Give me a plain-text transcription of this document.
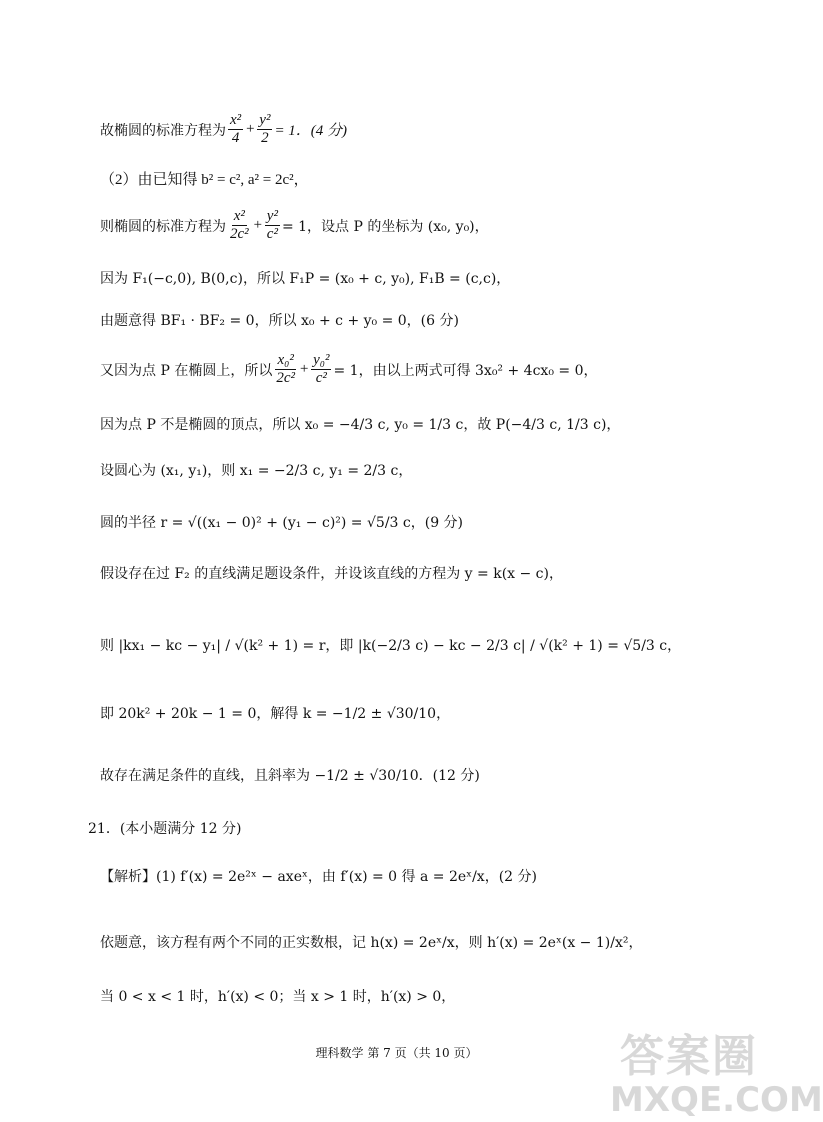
故椭圆的标准方程为 $\frac{\text{x²}}{4} + \frac{\text{y²}}{2} = 1$．(4 分)
（2）由已知得 b² = c², a² = 2c²，
则椭圆的标准方程为 $\frac{\text{x²}}{\text{2c²}} + \frac{\text{y²}}{\text{c²}} = 1$，设点 P 的坐标为 (x₀, y₀)，
因为 F₁(−c,0), B(0,c)，所以 F₁P = (x₀ + c, y₀), F₁B = (c,c)，
由题意得 BF₁ · BF₂ = 0，所以 x₀ + c + y₀ = 0，(6 分)
又因为点 P 在椭圆上，所以 $\frac{\text{x₀²}}{\text{2c²}} + \frac{\text{y₀²}}{\text{c²}} = 1$，由以上两式可得 3x₀² + 4cx₀ = 0，
因为点 P 不是椭圆的顶点，所以 x₀ = −4/3 c, y₀ = 1/3 c，故 P(−4/3 c, 1/3 c)，
设圆心为 (x₁, y₁)，则 x₁ = −2/3 c, y₁ = 2/3 c，
圆的半径 r = √((x₁ − 0)² + (y₁ − c)²) = √5/3 c，(9 分)
假设存在过 F₂ 的直线满足题设条件，并设该直线的方程为 y = k(x − c)，
则 |kx₁ − kc − y₁| / √(k² + 1) = r，即 |k(−2/3 c) − kc − 2/3 c| / √(k² + 1) = √5/3 c，
即 20k² + 20k − 1 = 0，解得 k = −1/2 ± √30/10，
故存在满足条件的直线，且斜率为 −1/2 ± √30/10．(12 分)
21．(本小题满分 12 分)
【解析】(1) f′(x) = 2e²ˣ − axeˣ，由 f′(x) = 0 得 a = 2eˣ/x，(2 分)
依题意，该方程有两个不同的正实数根，记 h(x) = 2eˣ/x，则 h′(x) = 2eˣ(x − 1)/x²，
当 0 < x < 1 时，h′(x) < 0；当 x > 1 时，h′(x) > 0，
理科数学 第 7 页（共 10 页）	答案圈
MXQE.COM
